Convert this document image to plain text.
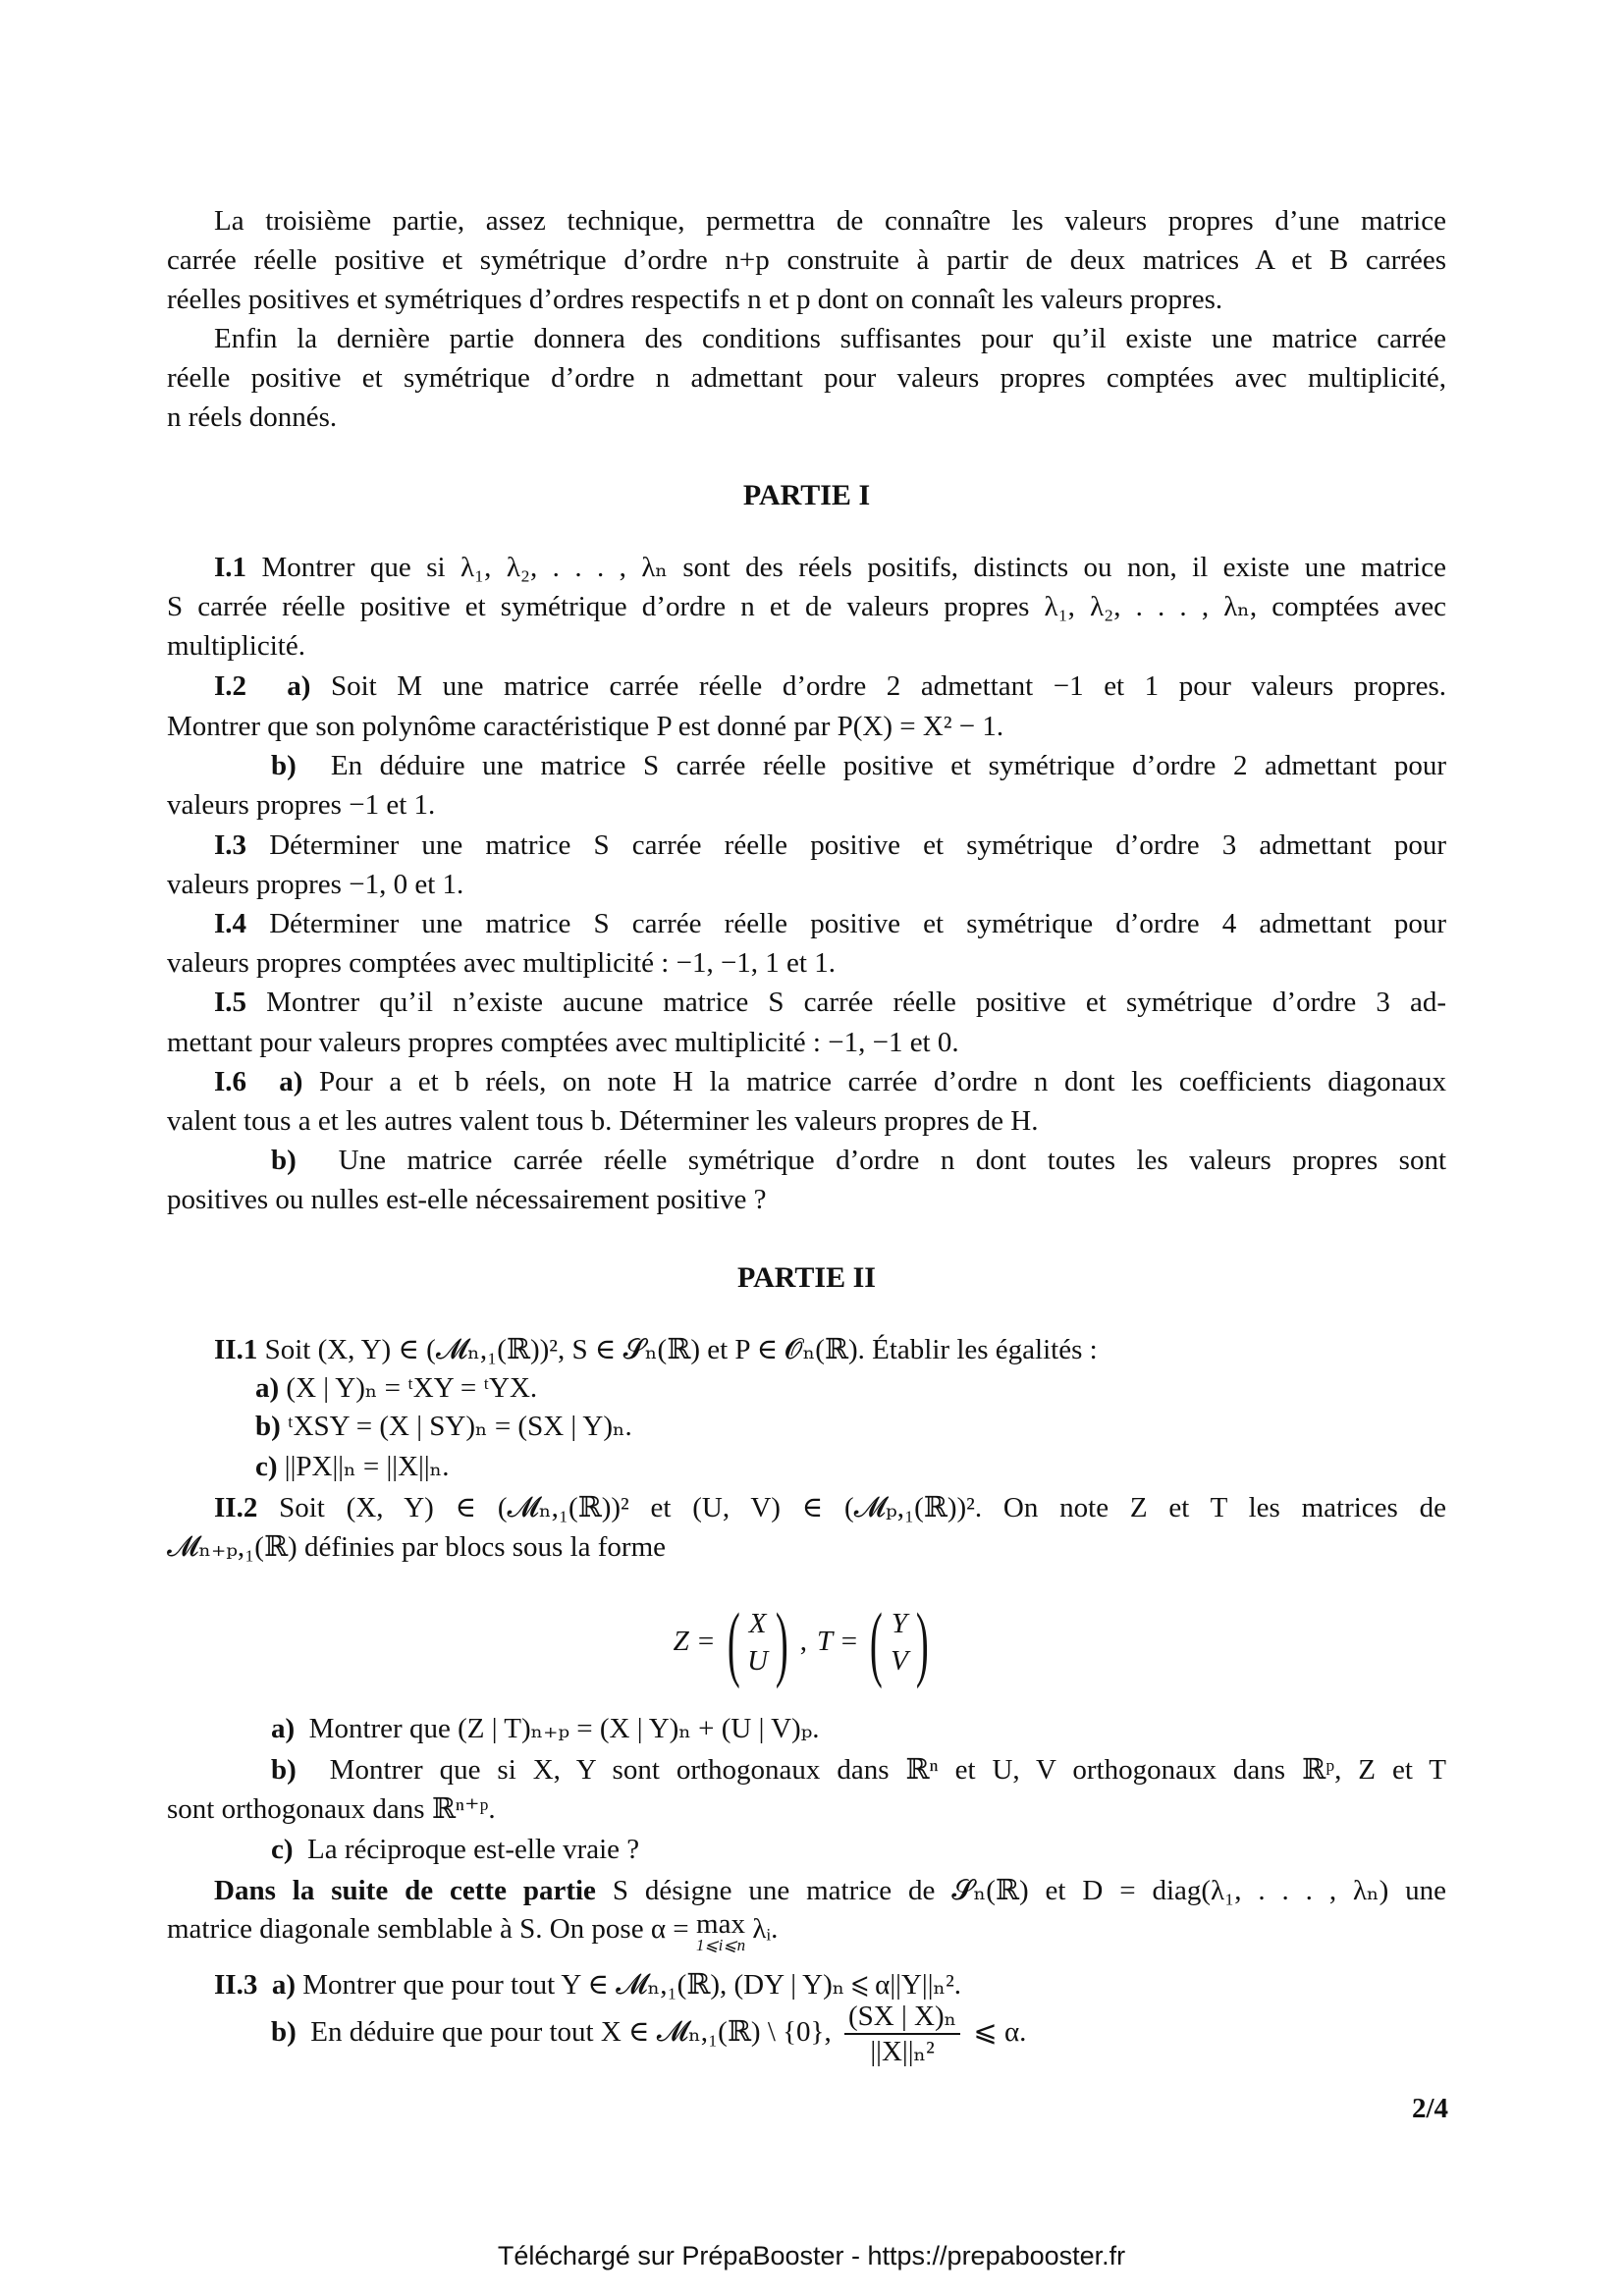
La troisième partie, assez technique, permettra de connaître les valeurs propres d’une matrice
carrée réelle positive et symétrique d’ordre n+p construite à partir de deux matrices A et B carrées
réelles positives et symétriques d’ordres respectifs n et p dont on connaît les valeurs propres.
Enfin la dernière partie donnera des conditions suffisantes pour qu’il existe une matrice carrée
réelle positive et symétrique d’ordre n admettant pour valeurs propres comptées avec multiplicité,
n réels donnés.
PARTIE I
I.1 Montrer que si λ₁, λ₂, . . . , λₙ sont des réels positifs, distincts ou non, il existe une matrice
S carrée réelle positive et symétrique d’ordre n et de valeurs propres λ₁, λ₂, . . . , λₙ, comptées avec
multiplicité.
I.2 a) Soit M une matrice carrée réelle d’ordre 2 admettant −1 et 1 pour valeurs propres.
Montrer que son polynôme caractéristique P est donné par P(X) = X² − 1.
b) En déduire une matrice S carrée réelle positive et symétrique d’ordre 2 admettant pour
valeurs propres −1 et 1.
I.3 Déterminer une matrice S carrée réelle positive et symétrique d’ordre 3 admettant pour
valeurs propres −1, 0 et 1.
I.4 Déterminer une matrice S carrée réelle positive et symétrique d’ordre 4 admettant pour
valeurs propres comptées avec multiplicité : −1, −1, 1 et 1.
I.5 Montrer qu’il n’existe aucune matrice S carrée réelle positive et symétrique d’ordre 3 ad-
mettant pour valeurs propres comptées avec multiplicité : −1, −1 et 0.
I.6 a) Pour a et b réels, on note H la matrice carrée d’ordre n dont les coefficients diagonaux
valent tous a et les autres valent tous b. Déterminer les valeurs propres de H.
b) Une matrice carrée réelle symétrique d’ordre n dont toutes les valeurs propres sont
positives ou nulles est-elle nécessairement positive ?
PARTIE II
II.1 Soit (X, Y) ∈ (𝓜ₙ,₁(ℝ))², S ∈ 𝓢ₙ(ℝ) et P ∈ 𝓞ₙ(ℝ). Établir les égalités :
a) (X | Y)ₙ = ᵗXY = ᵗYX.
b) ᵗXSY = (X | SY)ₙ = (SX | Y)ₙ.
c) ||PX||ₙ = ||X||ₙ.
II.2 Soit (X, Y) ∈ (𝓜ₙ,₁(ℝ))² et (U, V) ∈ (𝓜ₚ,₁(ℝ))². On note Z et T les matrices de
𝓜ₙ₊ₚ,₁(ℝ) définies par blocs sous la forme
Z = ( X
U ) , T = ( Y
V )
a) Montrer que (Z | T)ₙ₊ₚ = (X | Y)ₙ + (U | V)ₚ.
b) Montrer que si X, Y sont orthogonaux dans ℝⁿ et U, V orthogonaux dans ℝᵖ, Z et T
sont orthogonaux dans ℝⁿ⁺ᵖ.
c) La réciproque est-elle vraie ?
Dans la suite de cette partie S désigne une matrice de 𝓢ₙ(ℝ) et D = diag(λ₁, . . . , λₙ) une
matrice diagonale semblable à S. On pose α = max
1⩽i⩽n
λᵢ.
II.3 a) Montrer que pour tout Y ∈ 𝓜ₙ,₁(ℝ), (DY | Y)ₙ ⩽ α||Y||ₙ².
b) En déduire que pour tout X ∈ 𝓜ₙ,₁(ℝ) \ {0}, $\frac{\text{(SX | X)ₙ}}{\text{||X||ₙ²}}$ ⩽ α.
2/4
Téléchargé sur PrépaBooster - https://prepabooster.fr
